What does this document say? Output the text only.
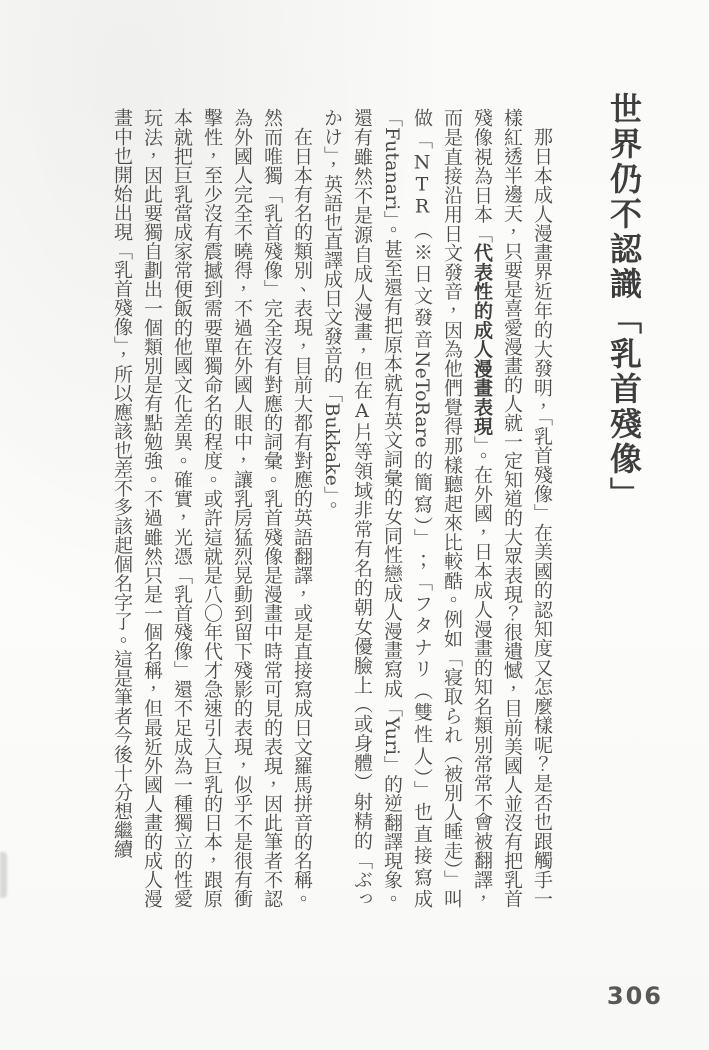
世界仍不認識「乳首殘像」

那日本成人漫畫界近年的大發明，「乳首殘像」在美國的認知度又怎麼樣呢？是否也跟觸手一樣紅透半邊天，只要是喜愛漫畫的人就一定知道的大眾表現？很遺憾，目前美國人並沒有把乳首殘像視為日本「代表性的成人漫畫表現」。在外國，日本成人漫畫的知名類別常常不會被翻譯，而是直接沿用日文發音，因為他們覺得那樣聽起來比較酷。例如「寝取られ（被別人睡走）」叫做「NTR（※日文發音NeToRare的簡寫）」；「フタナリ（雙性人）」也直接寫成「Futanari」。甚至還有把原本就有英文詞彙的女同性戀成人漫畫寫成「Yuri」的逆翻譯現象。還有雖然不是源自成人漫畫，但在A片等領域非常有名的朝女優臉上（或身體）射精的「ぶっかけ」，英語也直譯成日文發音的「Bukkake」。

在日本有名的類別、表現，目前大都有對應的英語翻譯，或是直接寫成日文羅馬拼音的名稱。然而唯獨「乳首殘像」完全沒有對應的詞彙。乳首殘像是漫畫中時常可見的表現，因此筆者不認為外國人完全不曉得，不過在外國人眼中，讓乳房猛烈晃動到留下殘影的表現，似乎不是很有衝擊性，至少沒有震撼到需要單獨命名的程度。或許這就是八〇年代才急速引入巨乳的日本，跟原本就把巨乳當成家常便飯的他國文化差異。確實，光憑「乳首殘像」還不足成為一種獨立的性愛玩法，因此要獨自劃出一個類別是有點勉強。不過雖然只是一個名稱，但最近外國人畫的成人漫畫中也開始出現「乳首殘像」，所以應該也差不多該起個名字了。這是筆者今後十分想繼續

306
